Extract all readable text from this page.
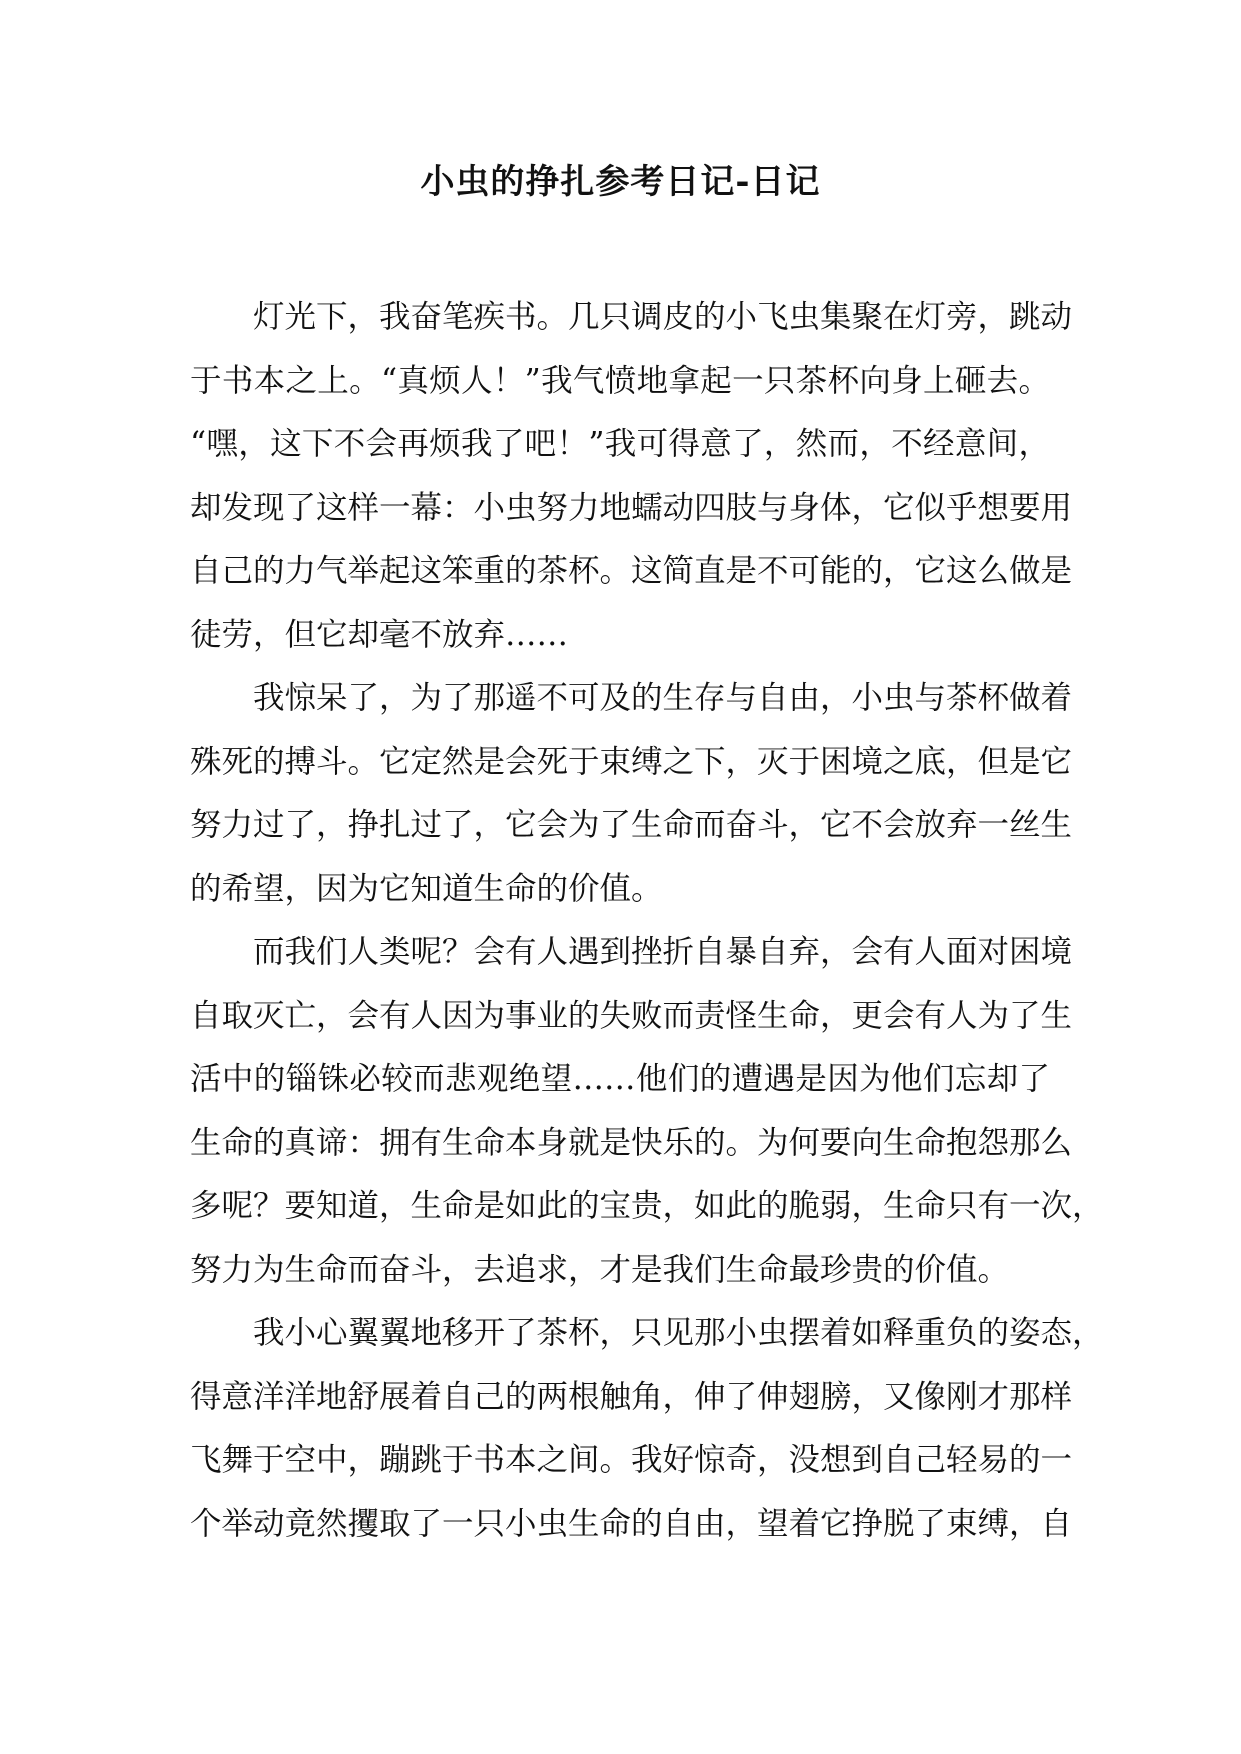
小虫的挣扎参考日记-日记
灯光下，我奋笔疾书。几只调皮的小飞虫集聚在灯旁，跳动
于书本之上。“真烦人！”我气愤地拿起一只茶杯向身上砸去。
“嘿，这下不会再烦我了吧！”我可得意了，然而，不经意间，
却发现了这样一幕：小虫努力地蠕动四肢与身体，它似乎想要用
自己的力气举起这笨重的茶杯。这简直是不可能的，它这么做是
徒劳，但它却毫不放弃……
我惊呆了，为了那遥不可及的生存与自由，小虫与茶杯做着
殊死的搏斗。它定然是会死于束缚之下，灭于困境之底，但是它
努力过了，挣扎过了，它会为了生命而奋斗，它不会放弃一丝生
的希望，因为它知道生命的价值。
而我们人类呢？会有人遇到挫折自暴自弃，会有人面对困境
自取灭亡，会有人因为事业的失败而责怪生命，更会有人为了生
活中的锱铢必较而悲观绝望……他们的遭遇是因为他们忘却了
生命的真谛：拥有生命本身就是快乐的。为何要向生命抱怨那么
多呢？要知道，生命是如此的宝贵，如此的脆弱，生命只有一次，
努力为生命而奋斗，去追求，才是我们生命最珍贵的价值。
我小心翼翼地移开了茶杯，只见那小虫摆着如释重负的姿态，
得意洋洋地舒展着自己的两根触角，伸了伸翅膀，又像刚才那样
飞舞于空中，蹦跳于书本之间。我好惊奇，没想到自己轻易的一
个举动竟然攫取了一只小虫生命的自由，望着它挣脱了束缚，自
